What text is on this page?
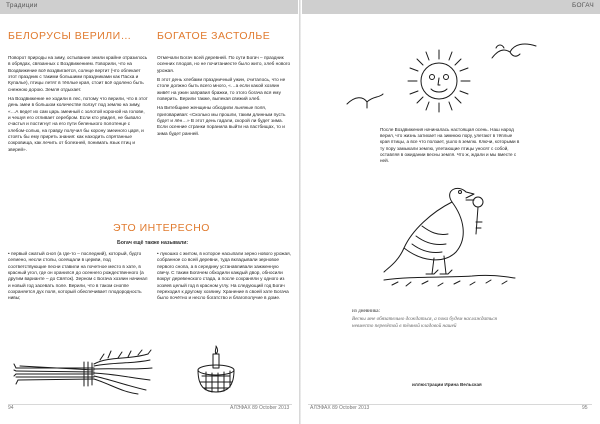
Традиции
БЕЛОРУСЫ ВЕРИЛИ… БОГАТОЕ ЗАСТОЛЬЕ

Поворот природы на зиму, остывание земли крайне отразилось в обрядах, связанных с Воздвижением. Говорили, что на Воздвижение всё воздвигается, солнце вертит (что облекает этот праздник с такими большими праздниками как Пасха и Купалье), птицы летят в тёплые края, стоит всё одолено быть снежною дорою. Земля отдыхает.

На Воздвижение не ходили в лес, потому что верили, что в этот день змеи в большом количестве ползут под землю на зиму, «…А ведет их сам царь змеиный с золотой короной на голове, и чешуя его отливает серебром. Если кто увидел, не бывало счастья и постигнут на его пути беленького полотенце с хлебом-солью, на гравду получил бы корону змеиного царя, и стоять бы ему приреть знания: как находить спрятанные сокровища, как лечить от болезней, понимать язык птиц и зверей».

Отмечали Богач всей деревней. По сути Богач – праздник осенних плодов, но не почитаниесте было жито, хлеб нового урожая.

В этот день хлебами праздничный ужин, считалось, что не столе должно быть всего много, «…а если какой хозяин живёт на ужин заправил бражки, то этого богача вся ему поверить. Верили также, выпекая свежий хлеб.

На Витебщине женщины обходили льняные поля, приговаривая: «Сколько мы прошли, таким длинным пусть будет и лён…» В этот день гадали, скорой ли будет зима. Если осенние странки поранила выйти на пастбищах, то и зима будет ранней.

ЭТО ИНТЕРЕСНО
Богач ещё также называли:

• первый сжатый сноп (а где-то – последний), который, будто селиено, несли столы, осеящали в церкви, под соответствующие песни ставили на почетное место в хате, в красный угол, где он хранился до осеннего рождественного (а другим варианте – до Святок). Зерном с Богача хозяин начинал и новый год засевать поле. Верили, что в таком сноппе сохраняется дух поля, который обеспечивает плодородность нивы;

• лукошко с житом, в которое насыпали зерно нового урожая, собранное со всей деревни, туда вкладывали зерновое первого снопа, а в середину устанавливали зажженную свечу. С таким Богачем обходили каждый двор, обносили вокруг деревенского стада, а после сохраняли у одного из хозяев целый год в красном углу. На следующий год Богач переходил к другому хозяину. Хранение в своей хате Богача было почётно и несло богатство и благополучие в доме.

94	АЛЭФАХ 89 October 2013
БОГАЧ
После Воздвижения начиналась настоящая осень. Наш народ верил, что жизнь затихает на зимнюю пору, улетают в тёплые края птицы, а все что ползает, ушло в землю. Ключи, которыми в ту пору замыкали землю, улетающие птицы уносят с собой, оставляя в ожидании весны земля. Что ж, ждали и мы вместе с ней.
из дневника:
Весны мне обязательно дождаться, а пока будем наслаждаться невместо перевётой в тёмной кладовой нашей
иллюстрации Ирина Вельская
АЛЭФАХ 89 October 2013	95
